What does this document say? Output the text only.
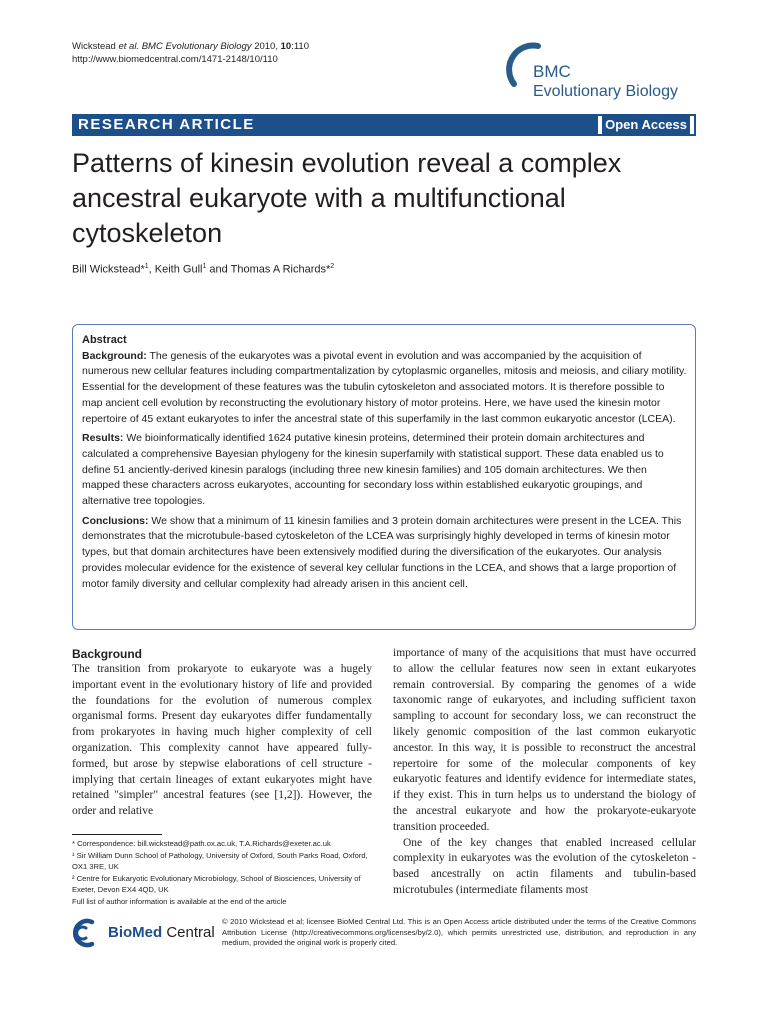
Wickstead et al. BMC Evolutionary Biology 2010, 10:110
http://www.biomedcentral.com/1471-2148/10/110
BMC
Evolutionary Biology
RESEARCH ARTICLE	Open Access
Patterns of kinesin evolution reveal a complex ancestral eukaryote with a multifunctional cytoskeleton
Bill Wickstead*$^1$, Keith Gull$^1$ and Thomas A Richards*$^2$
Abstract

Background: The genesis of the eukaryotes was a pivotal event in evolution and was accompanied by the acquisition of numerous new cellular features including compartmentalization by cytoplasmic organelles, mitosis and meiosis, and ciliary motility. Essential for the development of these features was the tubulin cytoskeleton and associated motors. It is therefore possible to map ancient cell evolution by reconstructing the evolutionary history of motor proteins. Here, we have used the kinesin motor repertoire of 45 extant eukaryotes to infer the ancestral state of this superfamily in the last common eukaryotic ancestor (LCEA).

Results: We bioinformatically identified 1624 putative kinesin proteins, determined their protein domain architectures and calculated a comprehensive Bayesian phylogeny for the kinesin superfamily with statistical support. These data enabled us to define 51 anciently-derived kinesin paralogs (including three new kinesin families) and 105 domain architectures. We then mapped these characters across eukaryotes, accounting for secondary loss within established eukaryotic groupings, and alternative tree topologies.

Conclusions: We show that a minimum of 11 kinesin families and 3 protein domain architectures were present in the LCEA. This demonstrates that the microtubule-based cytoskeleton of the LCEA was surprisingly highly developed in terms of kinesin motor types, but that domain architectures have been extensively modified during the diversification of the eukaryotes. Our analysis provides molecular evidence for the existence of several key cellular functions in the LCEA, and shows that a large proportion of motor family diversity and cellular complexity had already arisen in this ancient cell.

Background

The transition from prokaryote to eukaryote was a hugely important event in the evolutionary history of life and provided the foundations for the evolution of numerous complex organismal forms. Present day eukaryotes differ fundamentally from prokaryotes in having much higher complexity of cell organization. This complexity cannot have appeared fully-formed, but arose by stepwise elaborations of cell structure - implying that certain lineages of extant eukaryotes might have retained "simpler" ancestral features (see [1,2]). However, the order and relative

importance of many of the acquisitions that must have occurred to allow the cellular features now seen in extant eukaryotes remain controversial. By comparing the genomes of a wide taxonomic range of eukaryotes, and including sufficient taxon sampling to account for secondary loss, we can reconstruct the likely genomic composition of the last common eukaryotic ancestor. In this way, it is possible to reconstruct the ancestral repertoire for some of the molecular components of key eukaryotic features and identify evidence for intermediate states, if they exist. This in turn helps us to understand the biology of the ancestral eukaryote and how the prokaryote-eukaryote transition proceeded.

One of the key changes that enabled increased cellular complexity in eukaryotes was the evolution of the cytoskeleton - based ancestrally on actin filaments and tubulin-based microtubules (intermediate filaments most

* Correspondence: bill.wickstead@path.ox.ac.uk, T.A.Richards@exeter.ac.uk
¹ Sir William Dunn School of Pathology, University of Oxford, South Parks Road, Oxford, OX1 3RE, UK
² Centre for Eukaryotic Evolutionary Microbiology, School of Biosciences, University of Exeter, Devon EX4 4QD, UK
Full list of author information is available at the end of the article
BioMed Central
© 2010 Wickstead et al; licensee BioMed Central Ltd. This is an Open Access article distributed under the terms of the Creative Commons Attribution License (http://creativecommons.org/licenses/by/2.0), which permits unrestricted use, distribution, and reproduction in any medium, provided the original work is properly cited.
